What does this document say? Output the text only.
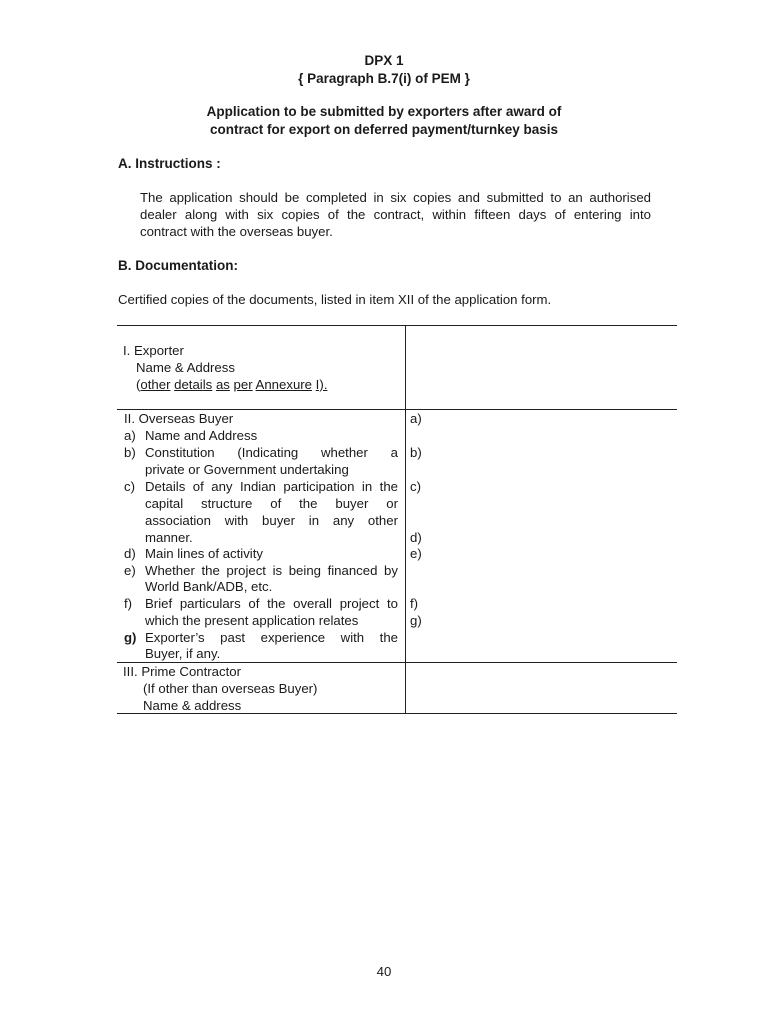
DPX 1
{ Paragraph B.7(i) of PEM }
Application to be submitted by exporters after award of
contract for export on deferred payment/turnkey basis
A. Instructions :
The application should be completed in six copies and submitted to an authorised
dealer along with six copies of the contract, within fifteen days of entering into
contract with the overseas buyer.
B. Documentation:
Certified copies of the documents, listed in item XII of the application form.
I. Exporter
Name & Address
(other details as per Annexure I).
II. Overseas Buyer
a) Name and Address
b) Constitution (Indicating whether a
private or Government undertaking
c) Details of any Indian participation in the
capital structure of the buyer or
association with buyer in any other
manner.
d) Main lines of activity
e) Whether the project is being financed by
World Bank/ADB, etc.
f) Brief particulars of the overall project to
which the present application relates
g) Exporter’s past experience with the
Buyer, if any.
a)
b)
c)
d)
e)
f)
g)
III. Prime Contractor
(If other than overseas Buyer)
Name & address
40
